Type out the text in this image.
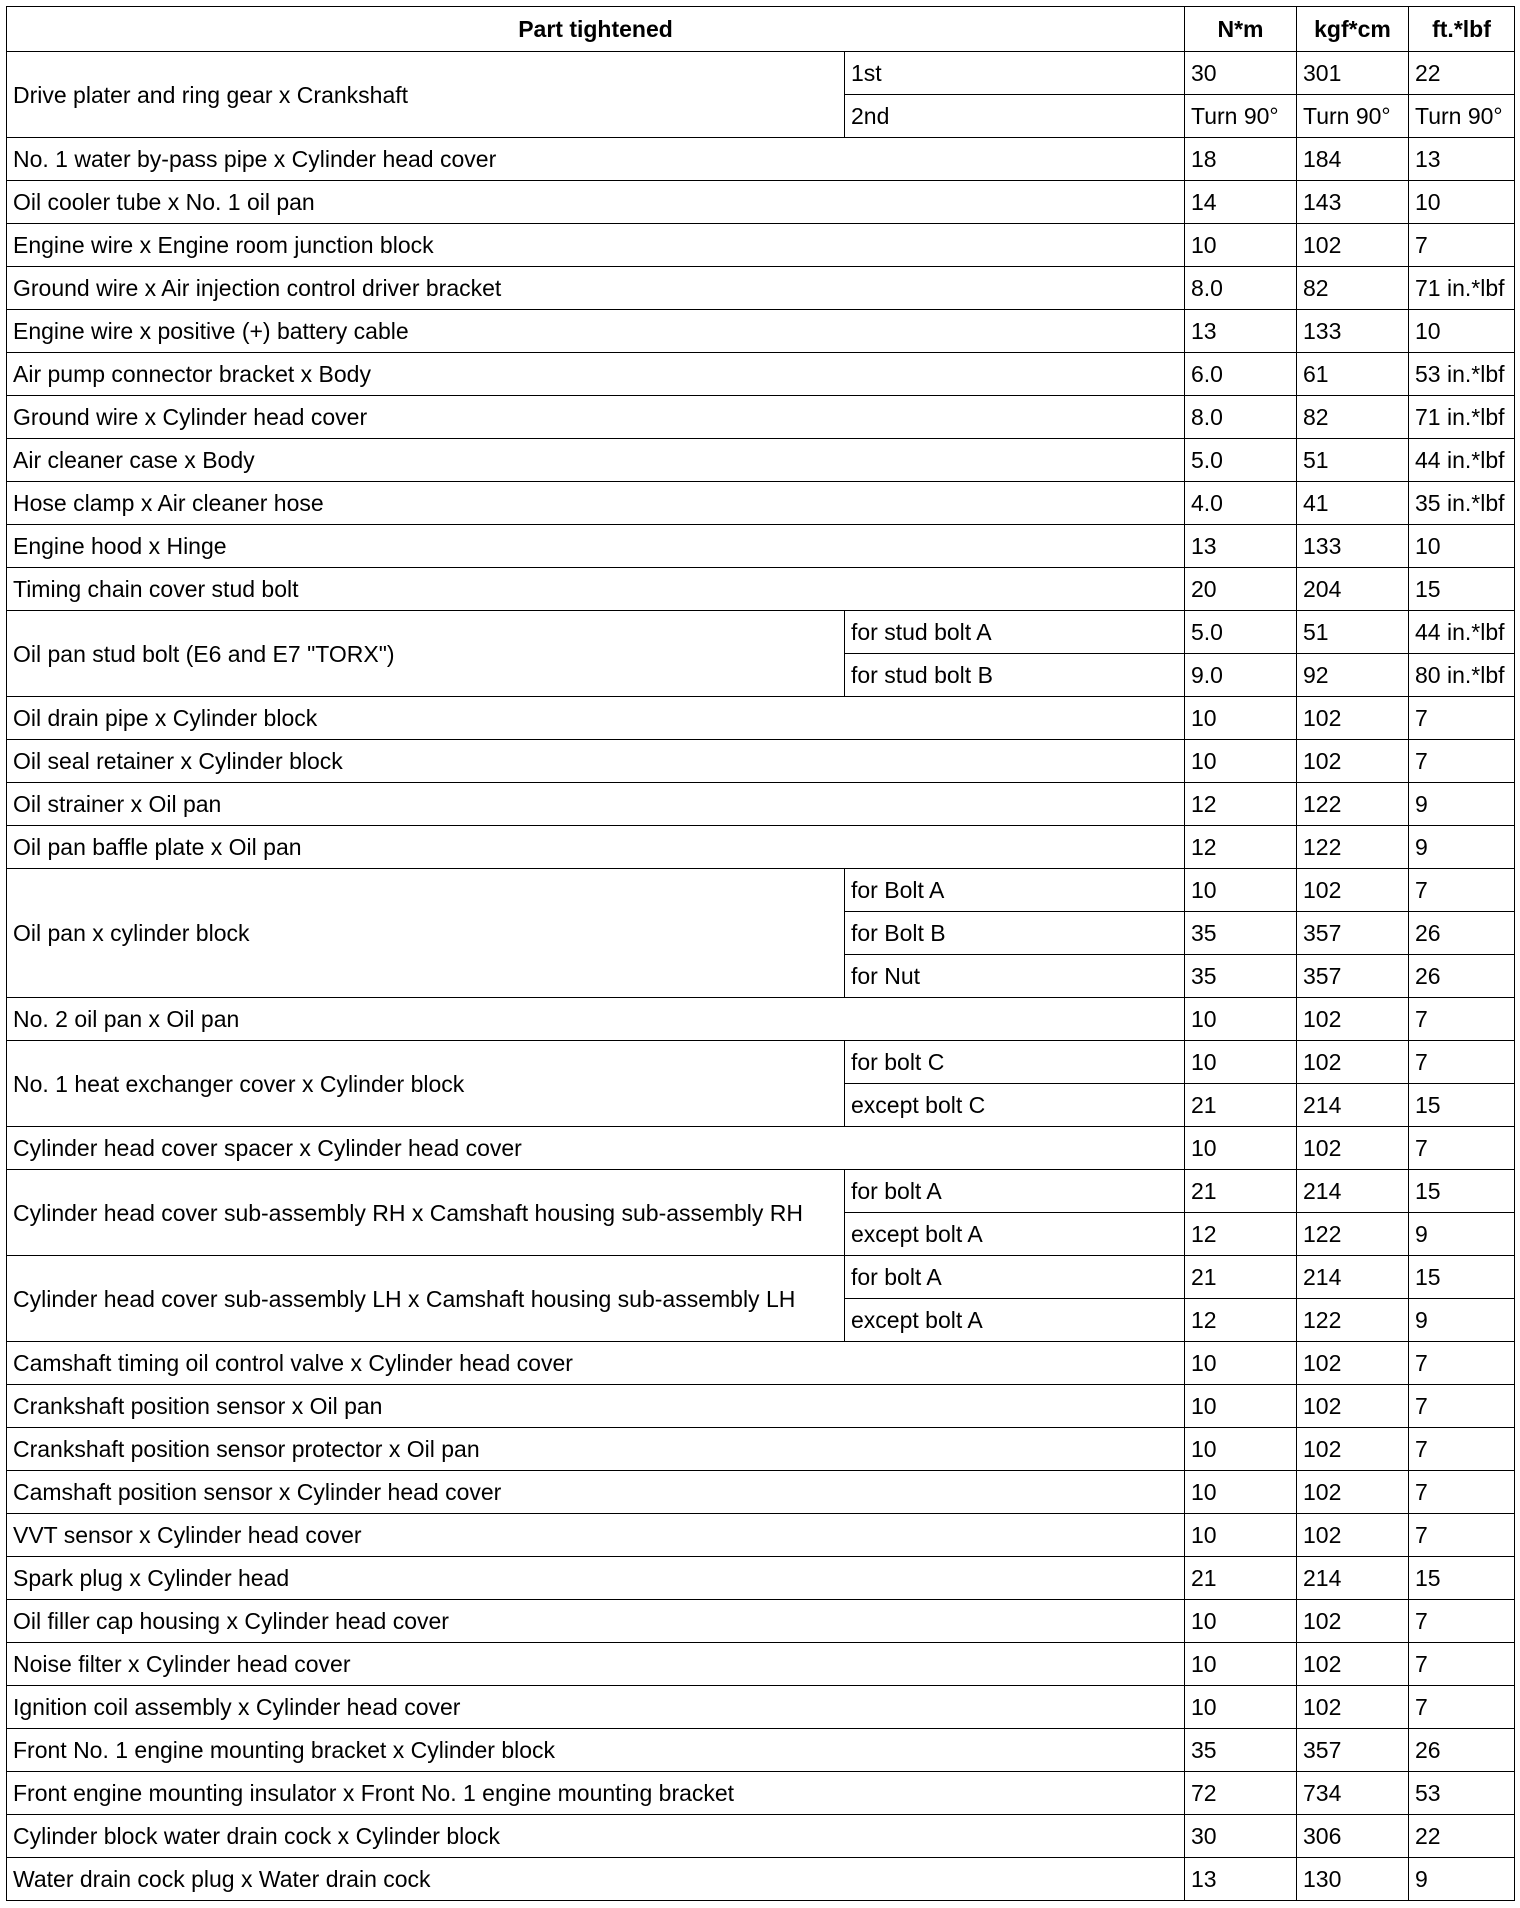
Part tightened		N*m	kgf*cm	ft.*lbf
Drive plater and ring gear x Crankshaft	1st	30	301	22
	2nd	Turn 90°	Turn 90°	Turn 90°
No. 1 water by-pass pipe x Cylinder head cover		18	184	13
Oil cooler tube x No. 1 oil pan		14	143	10
Engine wire x Engine room junction block		10	102	7
Ground wire x Air injection control driver bracket		8.0	82	71 in.*lbf
Engine wire x positive (+) battery cable		13	133	10
Air pump connector bracket x Body		6.0	61	53 in.*lbf
Ground wire x Cylinder head cover		8.0	82	71 in.*lbf
Air cleaner case x Body		5.0	51	44 in.*lbf
Hose clamp x Air cleaner hose		4.0	41	35 in.*lbf
Engine hood x Hinge		13	133	10
Timing chain cover stud bolt		20	204	15
Oil pan stud bolt (E6 and E7 "TORX")	for stud bolt A	5.0	51	44 in.*lbf
	for stud bolt B	9.0	92	80 in.*lbf
Oil drain pipe x Cylinder block		10	102	7
Oil seal retainer x Cylinder block		10	102	7
Oil strainer x Oil pan		12	122	9
Oil pan baffle plate x Oil pan		12	122	9
Oil pan x cylinder block	for Bolt A	10	102	7
	for Bolt B	35	357	26
	for Nut	35	357	26
No. 2 oil pan x Oil pan		10	102	7
No. 1 heat exchanger cover x Cylinder block	for bolt C	10	102	7
	except bolt C	21	214	15
Cylinder head cover spacer x Cylinder head cover		10	102	7
Cylinder head cover sub-assembly RH x Camshaft housing sub-assembly RH	for bolt A	21	214	15
	except bolt A	12	122	9
Cylinder head cover sub-assembly LH x Camshaft housing sub-assembly LH	for bolt A	21	214	15
	except bolt A	12	122	9
Camshaft timing oil control valve x Cylinder head cover		10	102	7
Crankshaft position sensor x Oil pan		10	102	7
Crankshaft position sensor protector x Oil pan		10	102	7
Camshaft position sensor x Cylinder head cover		10	102	7
VVT sensor x Cylinder head cover		10	102	7
Spark plug x Cylinder head		21	214	15
Oil filler cap housing x Cylinder head cover		10	102	7
Noise filter x Cylinder head cover		10	102	7
Ignition coil assembly x Cylinder head cover		10	102	7
Front No. 1 engine mounting bracket x Cylinder block		35	357	26
Front engine mounting insulator x Front No. 1 engine mounting bracket		72	734	53
Cylinder block water drain cock x Cylinder block		30	306	22
Water drain cock plug x Water drain cock		13	130	9
